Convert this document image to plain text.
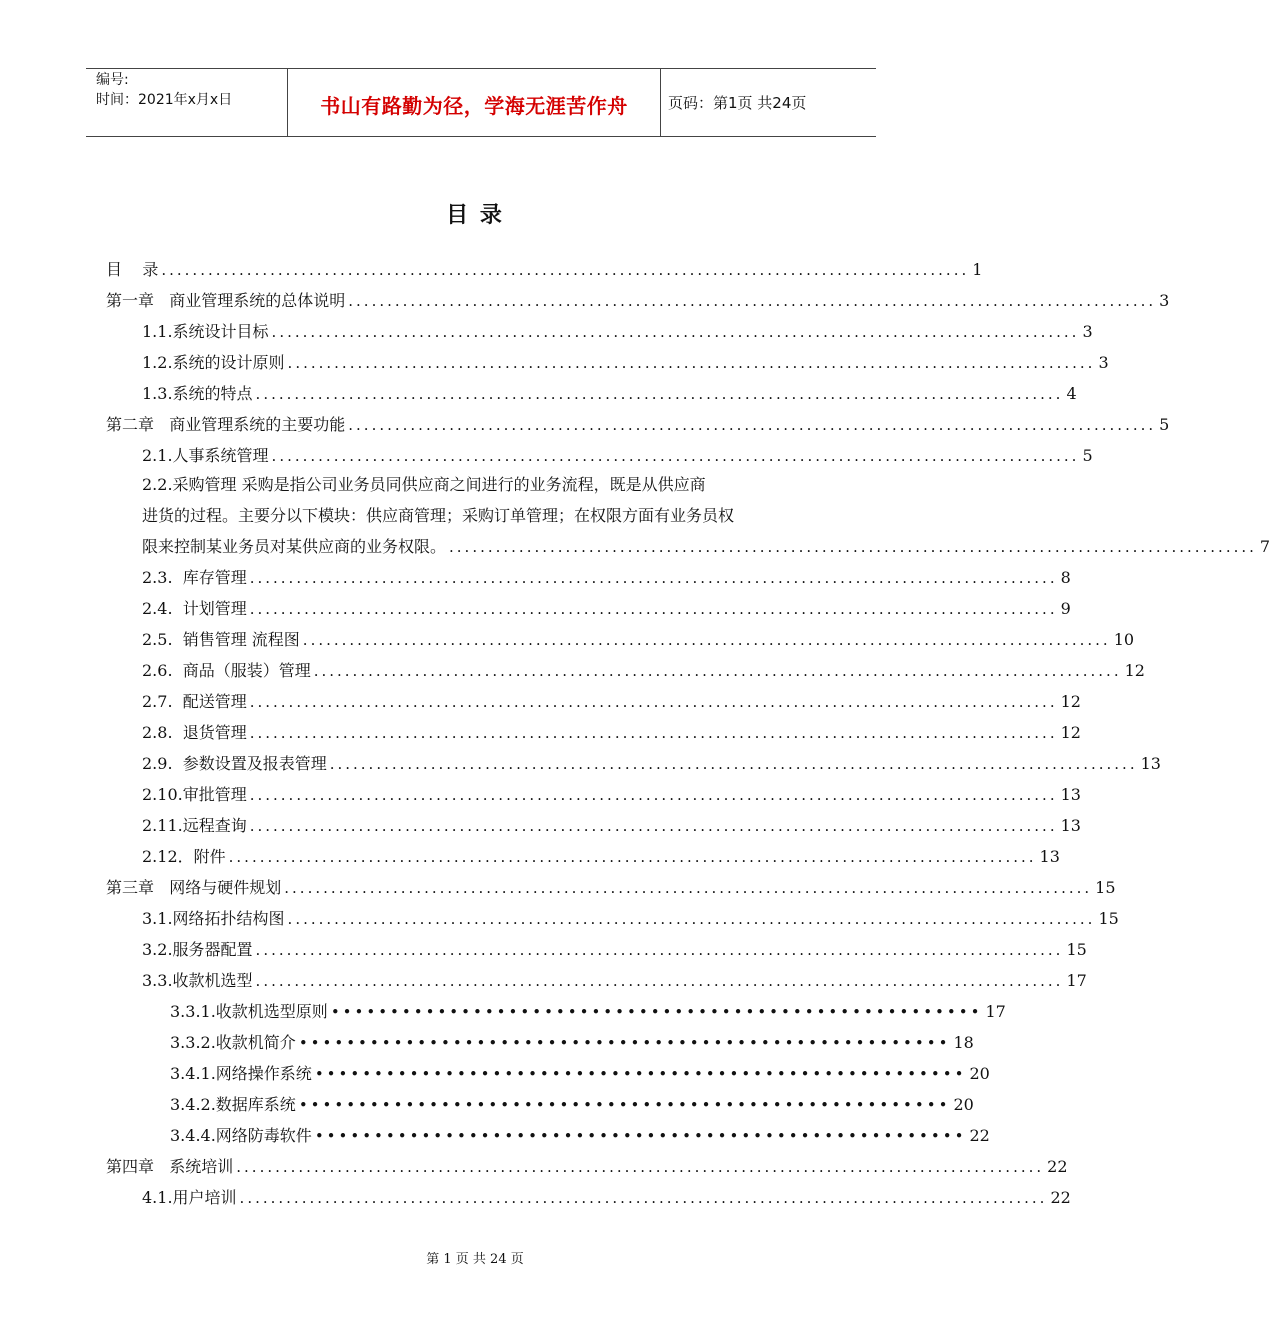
编号:
时间：2021年x月x日	书山有路勤为径，学海无涯苦作舟	页码：第1页 共24页
目 录
目    录 ........................................................................................................ 1
第一章   商业管理系统的总体说明 ........................................................................................................ 3
1.1.系统设计目标 ........................................................................................................ 3
1.2.系统的设计原则 ........................................................................................................ 3
1.3.系统的特点 ........................................................................................................ 4
第二章   商业管理系统的主要功能 ........................................................................................................ 5
2.1.人事系统管理 ........................................................................................................ 5
2.2.采购管理 采购是指公司业务员同供应商之间进行的业务流程，既是从供应商
进货的过程。主要分以下模块：供应商管理；采购订单管理；在权限方面有业务员权
限来控制某业务员对某供应商的业务权限。 ........................................................................................................ 7
2.3.  库存管理 ........................................................................................................ 8
2.4.  计划管理 ........................................................................................................ 9
2.5.  销售管理 流程图 ........................................................................................................ 10
2.6.  商品（服装）管理 ........................................................................................................ 12
2.7.  配送管理 ........................................................................................................ 12
2.8.  退货管理 ........................................................................................................ 12
2.9.  参数设置及报表管理 ........................................................................................................ 13
2.10.审批管理 ........................................................................................................ 13
2.11.远程查询 ........................................................................................................ 13
2.12．附件 ........................................................................................................ 13
第三章   网络与硬件规划 ........................................................................................................ 15
3.1.网络拓扑结构图 ........................................................................................................ 15
3.2.服务器配置 ........................................................................................................ 15
3.3.收款机选型 ........................................................................................................ 17
3.3.1.收款机选型原则 ••••••••••••••••••••••••••••••••••••••••••••••••••••••• 17
3.3.2.收款机简介 ••••••••••••••••••••••••••••••••••••••••••••••••••••••• 18
3.4.1.网络操作系统 ••••••••••••••••••••••••••••••••••••••••••••••••••••••• 20
3.4.2.数据库系统 ••••••••••••••••••••••••••••••••••••••••••••••••••••••• 20
3.4.4.网络防毒软件 ••••••••••••••••••••••••••••••••••••••••••••••••••••••• 22
第四章   系统培训 ........................................................................................................ 22
4.1.用户培训 ........................................................................................................ 22
第 1 页 共 24 页
